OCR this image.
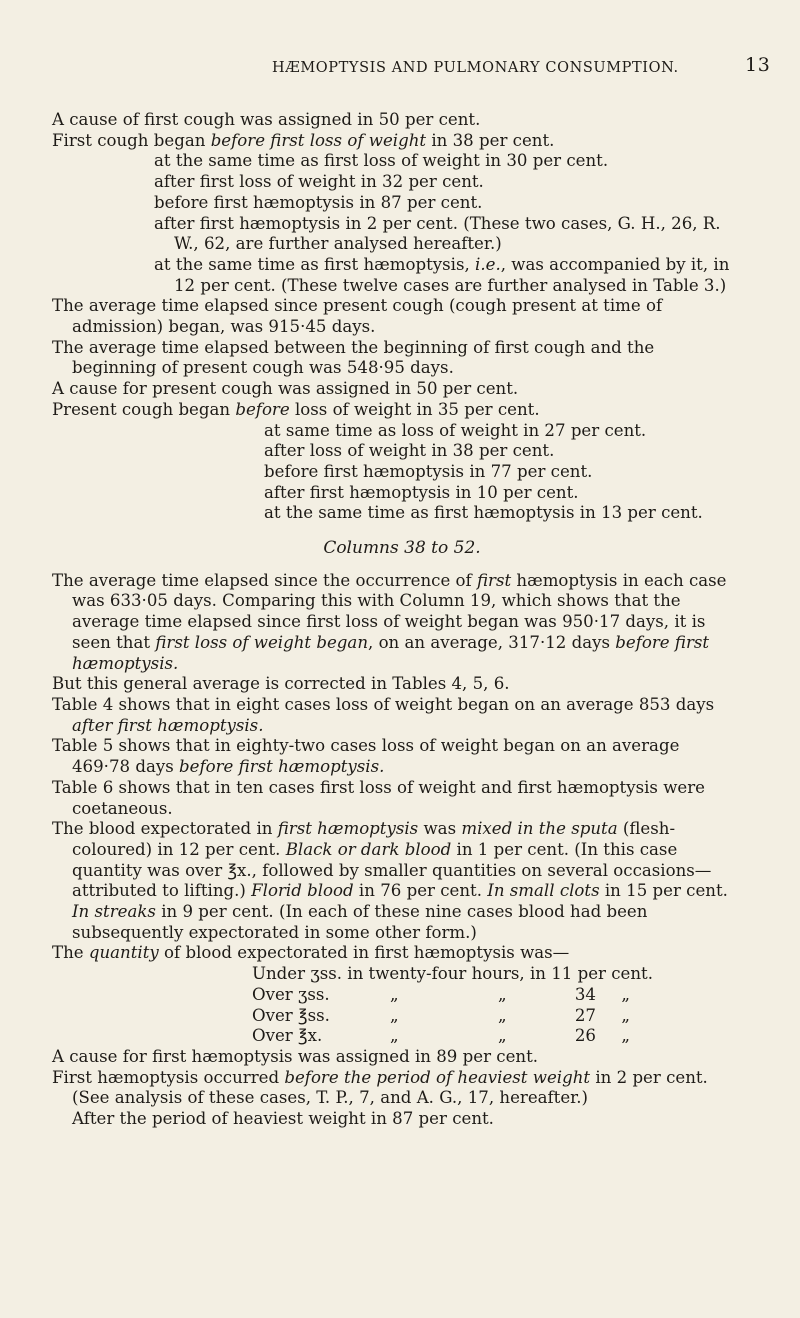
HÆMOPTYSIS AND PULMONARY CONSUMPTION.	13

A cause of first cough was assigned in 50 per cent.

First cough began before first loss of weight in 38 per cent.

at the same time as first loss of weight in 30 per cent.

after first loss of weight in 32 per cent.

before first hæmoptysis in 87 per cent.

after first hæmoptysis in 2 per cent. (These two cases, G. H., 26, R. W., 62, are further analysed hereafter.)

at the same time as first hæmoptysis, i.e., was accompanied by it, in 12 per cent. (These twelve cases are further analysed in Table 3.)

The average time elapsed since present cough (cough present at time of admission) began, was 915·45 days.

The average time elapsed between the beginning of first cough and the beginning of present cough was 548·95 days.

A cause for present cough was assigned in 50 per cent.

Present cough began before loss of weight in 35 per cent.

at same time as loss of weight in 27 per cent.

after loss of weight in 38 per cent.

before first hæmoptysis in 77 per cent.

after first hæmoptysis in 10 per cent.

at the same time as first hæmoptysis in 13 per cent.

Columns 38 to 52.

The average time elapsed since the occurrence of first hæmoptysis in each case was 633·05 days. Comparing this with Column 19, which shows that the average time elapsed since first loss of weight began was 950·17 days, it is seen that first loss of weight began, on an average, 317·12 days before first hæmoptysis.

But this general average is corrected in Tables 4, 5, 6.

Table 4 shows that in eight cases loss of weight began on an average 853 days after first hæmoptysis.

Table 5 shows that in eighty-two cases loss of weight began on an average 469·78 days before first hæmoptysis.

Table 6 shows that in ten cases first loss of weight and first hæmoptysis were coetaneous.

The blood expectorated in first hæmoptysis was mixed in the sputa (flesh-coloured) in 12 per cent. Black or dark blood in 1 per cent. (In this case quantity was over ℥x., followed by smaller quantities on several occasions—attributed to lifting.) Florid blood in 76 per cent. In small clots in 15 per cent. In streaks in 9 per cent. (In each of these nine cases blood had been subsequently expectorated in some other form.)

The quantity of blood expectorated in first hæmoptysis was—

Under ʒss. in twenty-four hours, in 11 per cent.

Over ʒss.	„	„	34 „

Over ℥ss.	„	„	27 „

Over ℥x.	„	„	26 „

A cause for first hæmoptysis was assigned in 89 per cent.

First hæmoptysis occurred before the period of heaviest weight in 2 per cent.

(See analysis of these cases, T. P., 7, and A. G., 17, hereafter.)

After the period of heaviest weight in 87 per cent.
